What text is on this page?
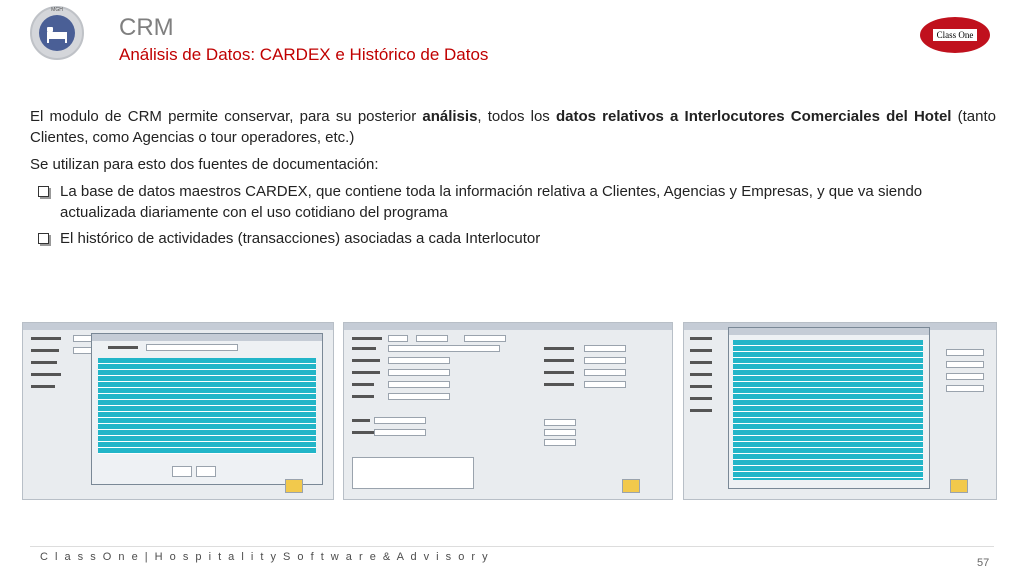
MGH
CRM
Análisis de Datos: CARDEX e Histórico de Datos
Class One

El modulo de CRM permite conservar, para su posterior análisis, todos los datos relativos a Interlocutores Comerciales del Hotel (tanto Clientes, como Agencias o tour operadores, etc.)

Se utilizan para esto dos fuentes de documentación:

La base de datos maestros CARDEX, que contiene toda la información relativa a Clientes, Agencias y Empresas, y que va siendo actualizada diariamente con el uso cotidiano del programa
El histórico de actividades (transacciones) asociadas a cada Interlocutor
C l a s s O n e | H o s p i t a l i t y S o f t w a r e & A d v i s o r y	57
